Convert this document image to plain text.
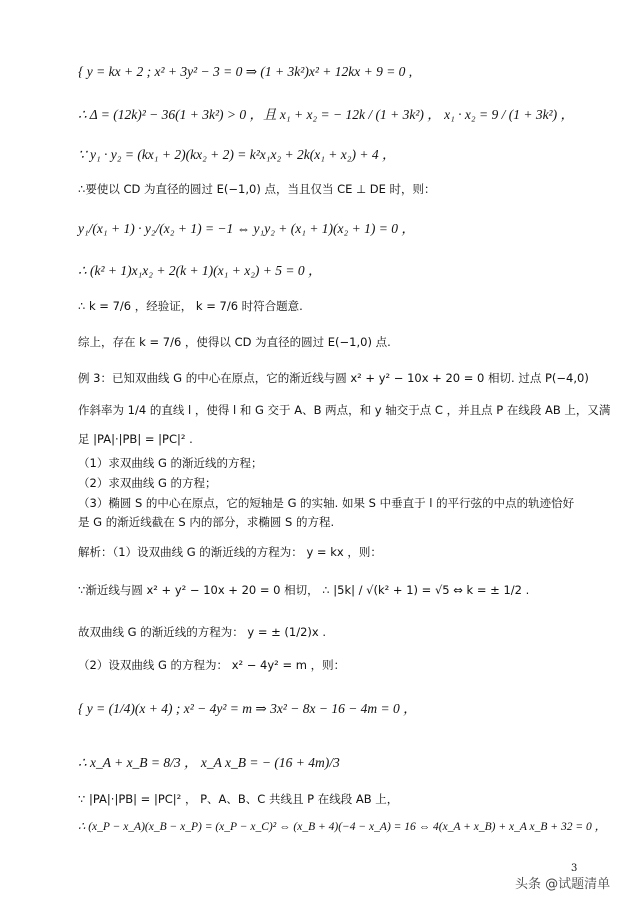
{ y = kx + 2 ; x² + 3y² − 3 = 0 ⇒ (1 + 3k²)x² + 12kx + 9 = 0 ,
∴ Δ = (12k)² − 36(1 + 3k²) > 0 ，且 x₁ + x₂ = − 12k / (1 + 3k²) ， x₁ · x₂ = 9 / (1 + 3k²) ，
∵ y₁ · y₂ = (kx₁ + 2)(kx₂ + 2) = k²x₁x₂ + 2k(x₁ + x₂) + 4 ，
∴要使以 CD 为直径的圆过 E(−1,0) 点，当且仅当 CE ⊥ DE 时，则：
y₁/(x₁ + 1) · y₂/(x₂ + 1) = −1 ⇔ y₁y₂ + (x₁ + 1)(x₂ + 1) = 0 ，
∴ (k² + 1)x₁x₂ + 2(k + 1)(x₁ + x₂) + 5 = 0 ，
∴ k = 7/6 ，经验证， k = 7/6 时符合题意.
综上，存在 k = 7/6 ，使得以 CD 为直径的圆过 E(−1,0) 点.
例 3：已知双曲线 G 的中心在原点，它的渐近线与圆 x² + y² − 10x + 20 = 0 相切. 过点 P(−4,0)
作斜率为 1/4 的直线 l ，使得 l 和 G 交于 A、B 两点，和 y 轴交于点 C ，并且点 P 在线段 AB 上，又满
足 |PA|·|PB| = |PC|² .
（1）求双曲线 G 的渐近线的方程；
（2）求双曲线 G 的方程；
（3）椭圆 S 的中心在原点，它的短轴是 G 的实轴. 如果 S 中垂直于 l 的平行弦的中点的轨迹恰好
是 G 的渐近线截在 S 内的部分，求椭圆 S 的方程.
解析：（1）设双曲线 G 的渐近线的方程为： y = kx ，则：
∵渐近线与圆 x² + y² − 10x + 20 = 0 相切， ∴ |5k| / √(k² + 1) = √5 ⇔ k = ± 1/2 .
故双曲线 G 的渐近线的方程为： y = ± (1/2)x .
（2）设双曲线 G 的方程为： x² − 4y² = m ，则：
{ y = (1/4)(x + 4) ; x² − 4y² = m ⇒ 3x² − 8x − 16 − 4m = 0 ，
∴ x_A + x_B = 8/3 ， x_A x_B = − (16 + 4m)/3
∵ |PA|·|PB| = |PC|² ， P、A、B、C 共线且 P 在线段 AB 上，
∴ (x_P − x_A)(x_B − x_P) = (x_P − x_C)² ⇔ (x_B + 4)(−4 − x_A) = 16 ⇔ 4(x_A + x_B) + x_A x_B + 32 = 0 ，
3
头条 @试题清单
